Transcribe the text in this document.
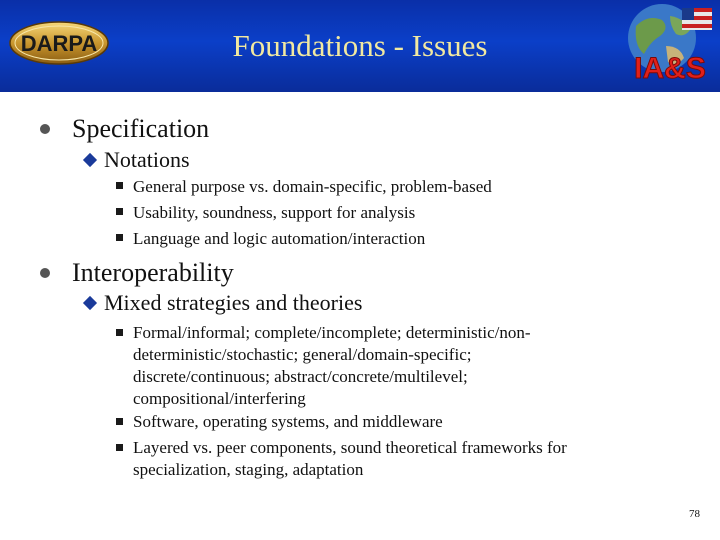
DARPA	Foundations - Issues
IA&S
Specification
Notations
General purpose vs. domain-specific, problem-based
Usability, soundness, support for analysis
Language and logic automation/interaction
Interoperability
Mixed strategies and theories
Formal/informal; complete/incomplete; deterministic/non-
deterministic/stochastic; general/domain-specific;
discrete/continuous; abstract/concrete/multilevel;
compositional/interfering
Software, operating systems, and middleware
Layered vs. peer components, sound theoretical frameworks for
specialization, staging, adaptation
78
